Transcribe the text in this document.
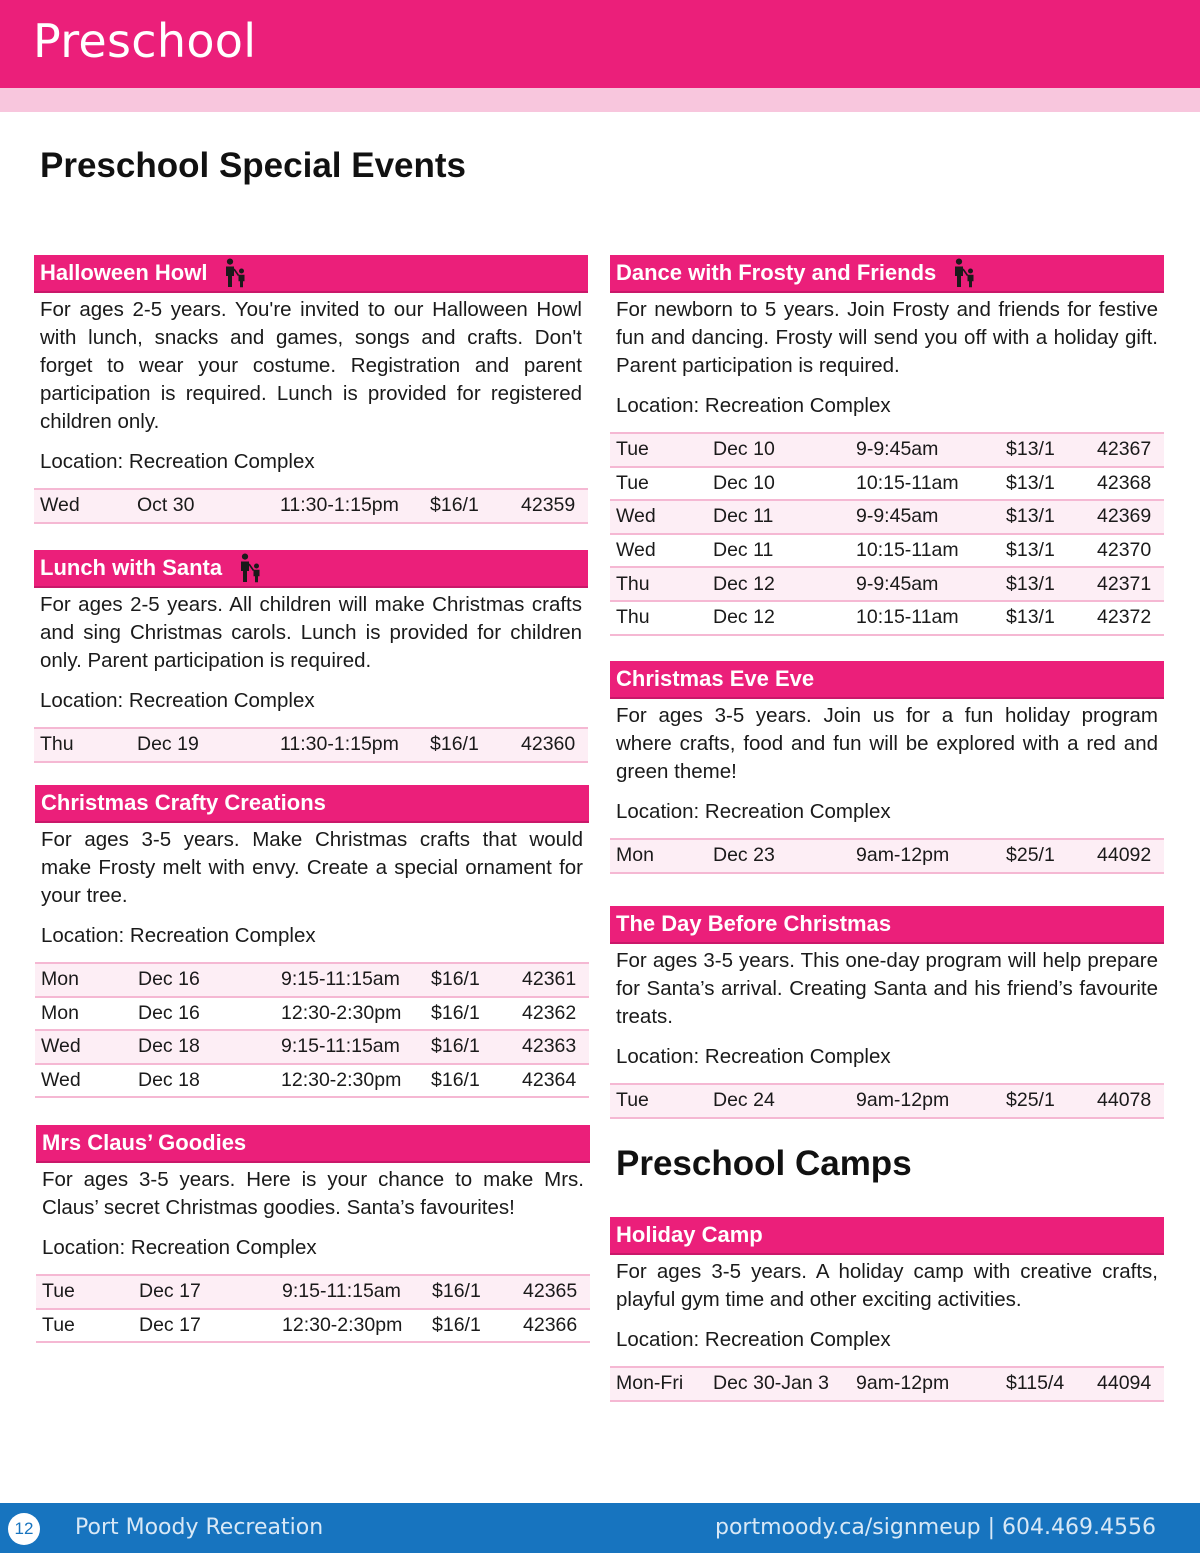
Preschool
Preschool Special Events
Preschool Camps
Halloween Howl
For ages 2-5 years. You're invited to our Halloween Howl with lunch, snacks and games, songs and crafts. Don't forget to wear your costume. Registration and parent participation is required. Lunch is provided for registered children only.
Location: Recreation Complex
Wed	Oct 30	11:30-1:15pm	$16/1	42359
Lunch with Santa
For ages 2-5 years. All children will make Christmas crafts and sing Christmas carols. Lunch is provided for children only. Parent participation is required.
Location: Recreation Complex
Thu	Dec 19	11:30-1:15pm	$16/1	42360
Christmas Crafty Creations
For ages 3-5 years. Make Christmas crafts that would make Frosty melt with envy. Create a special ornament for your tree.
Location: Recreation Complex
Mon	Dec 16	9:15-11:15am	$16/1	42361
Mon	Dec 16	12:30-2:30pm	$16/1	42362
Wed	Dec 18	9:15-11:15am	$16/1	42363
Wed	Dec 18	12:30-2:30pm	$16/1	42364
Mrs Claus’ Goodies
For ages 3-5 years. Here is your chance to make Mrs. Claus’ secret Christmas goodies. Santa’s favourites!
Location: Recreation Complex
Tue	Dec 17	9:15-11:15am	$16/1	42365
Tue	Dec 17	12:30-2:30pm	$16/1	42366
Dance with Frosty and Friends
For newborn to 5 years. Join Frosty and friends for festive fun and dancing. Frosty will send you off with a holiday gift. Parent participation is required.
Location: Recreation Complex
Tue	Dec 10	9-9:45am	$13/1	42367
Tue	Dec 10	10:15-11am	$13/1	42368
Wed	Dec 11	9-9:45am	$13/1	42369
Wed	Dec 11	10:15-11am	$13/1	42370
Thu	Dec 12	9-9:45am	$13/1	42371
Thu	Dec 12	10:15-11am	$13/1	42372
Christmas Eve Eve
For ages 3-5 years. Join us for a fun holiday program where crafts, food and fun will be explored with a red and green theme!
Location: Recreation Complex
Mon	Dec 23	9am-12pm	$25/1	44092
The Day Before Christmas
For ages 3-5 years. This one-day program will help prepare for Santa’s arrival. Creating Santa and his friend’s favourite treats.
Location: Recreation Complex
Tue	Dec 24	9am-12pm	$25/1	44078
Holiday Camp
For ages 3-5 years. A holiday camp with creative crafts, playful gym time and other exciting activities.
Location: Recreation Complex
Mon-Fri	Dec 30-Jan 3	9am-12pm	$115/4	44094
12 Port Moody Recreation	portmoody.ca/signmeup | 604.469.4556
